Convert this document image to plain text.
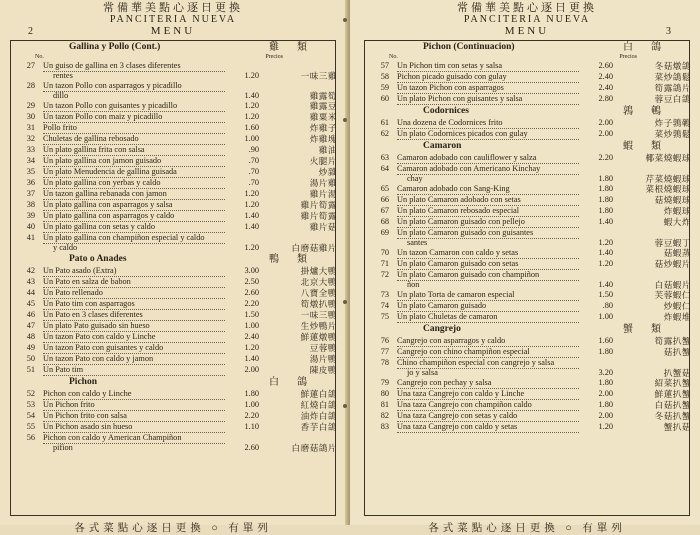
常備華美點心逐日更換
PANCITERIA NUEVA
2	MENU
Gallina y Pollo (Cont.)	雞類
No.	Precios
27 Un guiso de gallina en 3 clases diferentes
rentes	1.20	一味三雞
28 Un tazon Pollo con asparragos y picadillo
dillo	1.40	雞露筍
29 Un tazon Pollo con guisantes y picadillo	1.20	雞露豆
30 Un tazon Pollo con maiz y picadillo	1.20	雞粟米
31 Pollo frito	1.60	炸雞子
32 Chuletas de gallina rebosado	1.00	炸雞塊
33 Un plato gallina frita con salsa	.90	雞油
34 Un plato gallina con jamon guisado	.70	火腿片
35 Un plato Menudencia de gallina guisada	.70	炒雜
36 Un plato gallina con yerbas y caldo	.70	湯片雞
37 Un tazon gallina rebanada con jamon	1.20	雞片湯
38 Un plato gallina con asparragos y salsa	1.20	雞片筍露
39 Un plato gallina con asparragos y caldo	1.40	雞片筍露
40 Un plato gallina con setas y caldo	1.40	雞片菇
41 Un plato gallina con champiñon especial y caldo
y caldo	1.20	白磨菇雞片
Pato o Anades	鴨類
42 Un Pato asado (Extra)	3.00	掛爐大鴨
43 Un Pato en salza de babon	2.50	北京大鴨
44 Un Pato rellenado	2.60	八寶全鴨
45 Un Pato tim con asparragos	2.20	筍燉扒鴨
46 Un Pato en 3 clases diferentes	1.50	一味三鴨
47 Un plato Pato guisado sin hueso	1.00	生炒鴨片
48 Un tazon Pato con caldo y Linche	2.40	鮮蓮燉鴨
49 Un tazon Pato con guisantes y caldo	1.20	豆蓉鴨
50 Un tazon Pato con caldo y jamon	1.40	湯片鴨
51 Un Pato tim	2.00	陳皮鴨
Pichon	白鴿
52 Pichon con caldo y Linche	1.80	鮮蓮白鴿
53 Un Pichon frito	1.00	紅燒白鴿
54 Un Pichon frito con salsa	2.20	油炸白鴿
55 Un Pichon asado sin hueso	1.10	香芋白鴿
56 Pichon con caldo y American Champiñon
pifion	2.60	白磨菇鴿片
各式菜點心逐日更換 ○ 有單列
常備華美點心逐日更換
PANCITERIA NUEVA
MENU	3
Pichon (Continuacion)	白鴿
No.	Precios
57 Un Pichon tim con setas y salsa	2.60	冬菇燉鴿
58 Pichon picado guisado con gulay	2.40	菜炒鴿鬆
59 Un tazon Pichon con asparragos	2.40	筍露鴿片
60 Un plato Pichon con guisantes y salsa	2.80	蓉豆白鴿
Codornices	鶉鵪
61 Una dozena de Codornices frito	2.00	炸子鶉鵪
62 Un plato Codornices picados con gulay	2.00	菜炒鶉鬆
Camaron	蝦類
63 Camaron adobado con cauliflower y salza	2.20	椰菜燒蝦球
64 Camaron adobado con Americano Kinchay
chay	1.80	芹菜燒蝦球
65 Camaron adobado con Sang-King	1.80	菜根燒蝦球
66 Un plato Camaron adobado con setas	1.80	菇燒蝦球
67 Un plato Camaron rebosado especial	1.80	炸蝦球
68 Un plato Camaron guisado con pellejo	1.40	蝦大炸
69 Un plato Camaron guisado con guisantes
santes	1.20	蓉豆蝦丁
70 Un tazon Camaron con caldo y setas	1.40	菇蝦蒸
71 Un plato Camaron guisado con setas	1.20	菇炒蝦片
72 Un plato Camaron guisado con champiñon
ñon	1.40	白菇蝦片
73 Un plato Torta de camaron especial	1.50	芙蓉蝦仁
74 Un plato Camaron guisado	.80	炒蝦仁
75 Un plato Chuletas de camaron	1.00	炸蝦堆
Cangrejo	蟹類
76 Cangrejo con asparragos y caldo	1.60	筍露扒蟹
77 Cangrejo con chino champiñon especial	1.80	菇扒蟹
78 Chino champiñon especial con cangrejo y salsa
jo y salsa	3.20	扒蟹菇
79 Cangrejo con pechay y salsa	1.80	紹菜扒蟹
80 Una taza Cangrejo con caldo y Linche	2.00	鮮蓮扒蟹
81 Una taza Cangrejo con champiñon caldo	1.80	白菇扒蟹
82 Una taza Cangrejo con setas y caldo	2.00	冬菇扒蟹
83 Una taza Cangrejo con caldo y setas	1.20	蟹扒菇
各式菜點心逐日更換 ○ 有單列
